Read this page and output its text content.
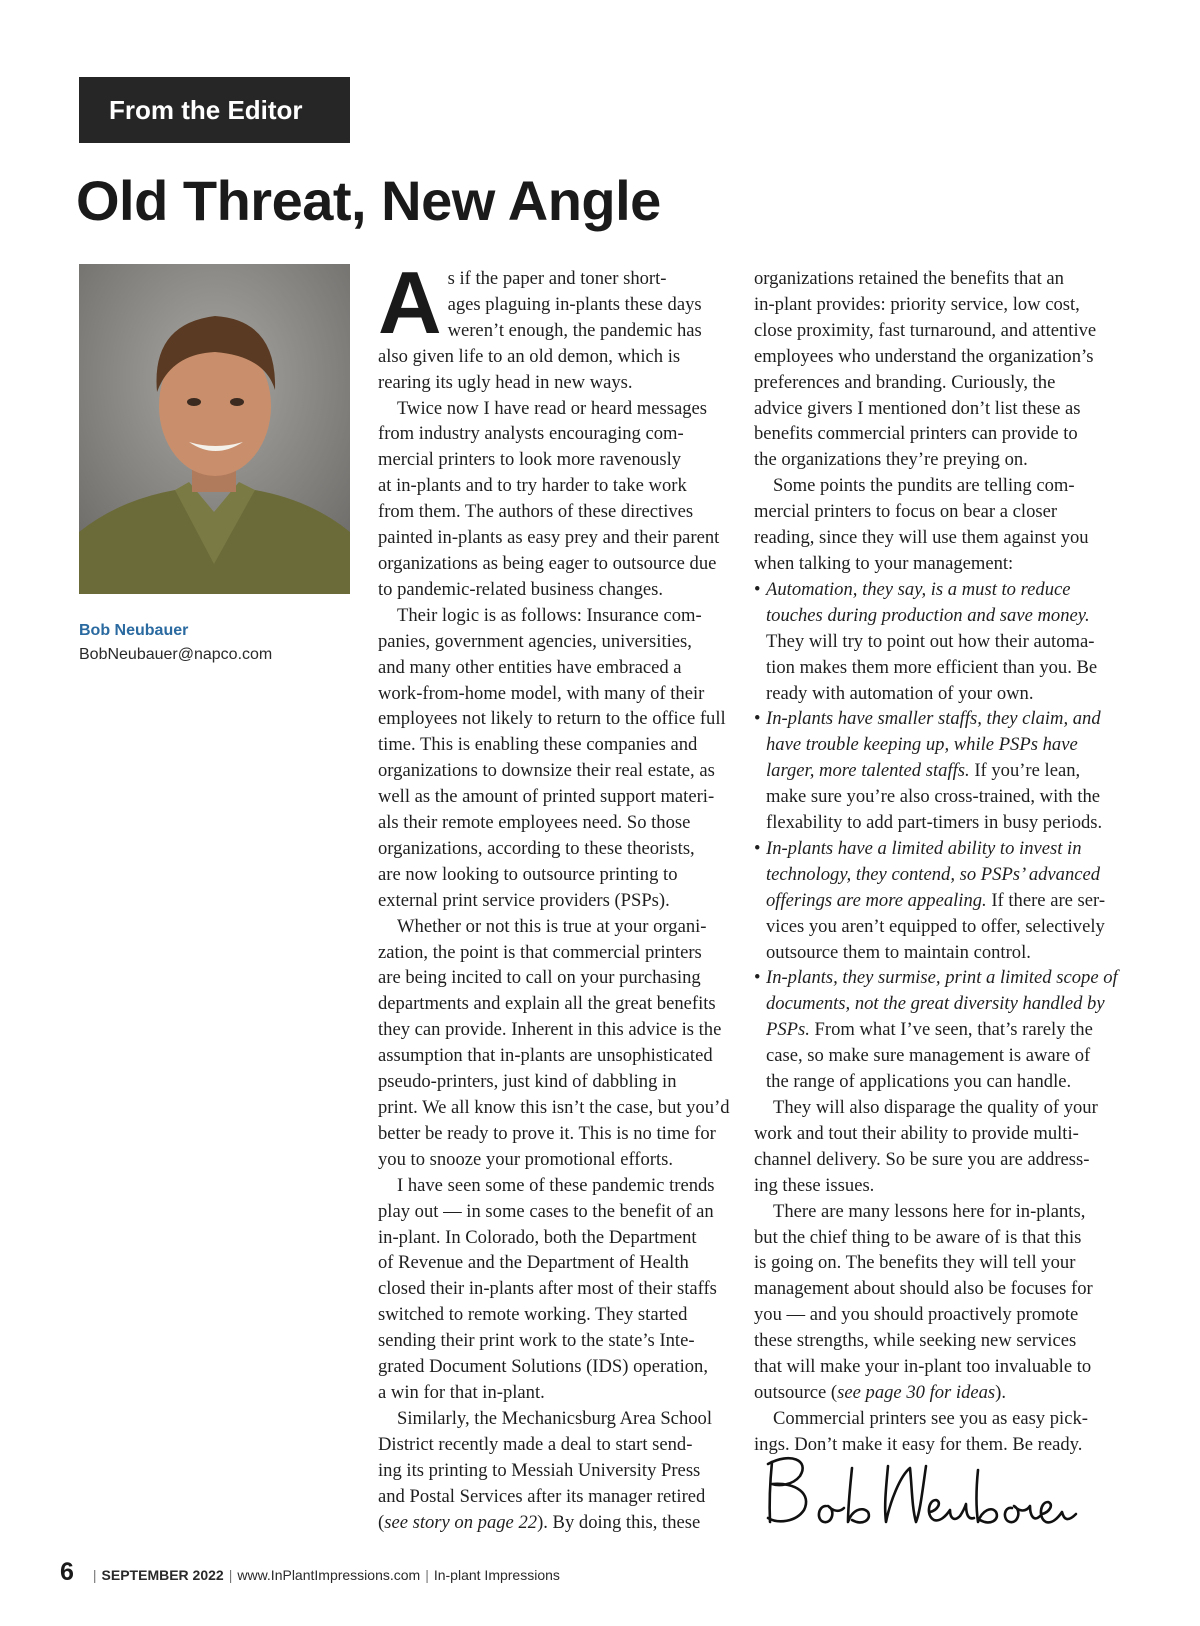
From the Editor
Old Threat, New Angle
Bob Neubauer
BobNeubauer@napco.com
A s if the paper and toner short-
ages plaguing in-plants these days
weren’t enough, the pandemic has
also given life to an old demon, which is
rearing its ugly head in new ways.
Twice now I have read or heard messages
from industry analysts encouraging com-
mercial printers to look more ravenously
at in-plants and to try harder to take work
from them. The authors of these directives
painted in-plants as easy prey and their parent
organizations as being eager to outsource due
to pandemic-related business changes.
Their logic is as follows: Insurance com-
panies, government agencies, universities,
and many other entities have embraced a
work-from-home model, with many of their
employees not likely to return to the office full
time. This is enabling these companies and
organizations to downsize their real estate, as
well as the amount of printed support materi-
als their remote employees need. So those
organizations, according to these theorists,
are now looking to outsource printing to
external print service providers (PSPs).
Whether or not this is true at your organi-
zation, the point is that commercial printers
are being incited to call on your purchasing
departments and explain all the great benefits
they can provide. Inherent in this advice is the
assumption that in-plants are unsophisticated
pseudo-printers, just kind of dabbling in
print. We all know this isn’t the case, but you’d
better be ready to prove it. This is no time for
you to snooze your promotional efforts.
I have seen some of these pandemic trends
play out — in some cases to the benefit of an
in-plant. In Colorado, both the Department
of Revenue and the Department of Health
closed their in-plants after most of their staffs
switched to remote working. They started
sending their print work to the state’s Inte-
grated Document Solutions (IDS) operation,
a win for that in-plant.
Similarly, the Mechanicsburg Area School
District recently made a deal to start send-
ing its printing to Messiah University Press
and Postal Services after its manager retired
(see story on page 22). By doing this, these
organizations retained the benefits that an
in-plant provides: priority service, low cost,
close proximity, fast turnaround, and attentive
employees who understand the organization’s
preferences and branding. Curiously, the
advice givers I mentioned don’t list these as
benefits commercial printers can provide to
the organizations they’re preying on.
Some points the pundits are telling com-
mercial printers to focus on bear a closer
reading, since they will use them against you
when talking to your management:
• Automation, they say, is a must to reduce
touches during production and save money.
They will try to point out how their automa-
tion makes them more efficient than you. Be
ready with automation of your own.
• In-plants have smaller staffs, they claim, and
have trouble keeping up, while PSPs have
larger, more talented staffs. If you’re lean,
make sure you’re also cross-trained, with the
flexability to add part-timers in busy periods.
• In-plants have a limited ability to invest in
technology, they contend, so PSPs’ advanced
offerings are more appealing. If there are ser-
vices you aren’t equipped to offer, selectively
outsource them to maintain control.
• In-plants, they surmise, print a limited scope of
documents, not the great diversity handled by
PSPs. From what I’ve seen, that’s rarely the
case, so make sure management is aware of
the range of applications you can handle.
They will also disparage the quality of your
work and tout their ability to provide multi-
channel delivery. So be sure you are address-
ing these issues.
There are many lessons here for in-plants,
but the chief thing to be aware of is that this
is going on. The benefits they will tell your
management about should also be focuses for
you — and you should proactively promote
these strengths, while seeking new services
that will make your in-plant too invaluable to
outsource (see page 30 for ideas).
Commercial printers see you as easy pick-
ings. Don’t make it easy for them. Be ready.
6 | SEPTEMBER 2022 | www.InPlantImpressions.com | In-plant Impressions
